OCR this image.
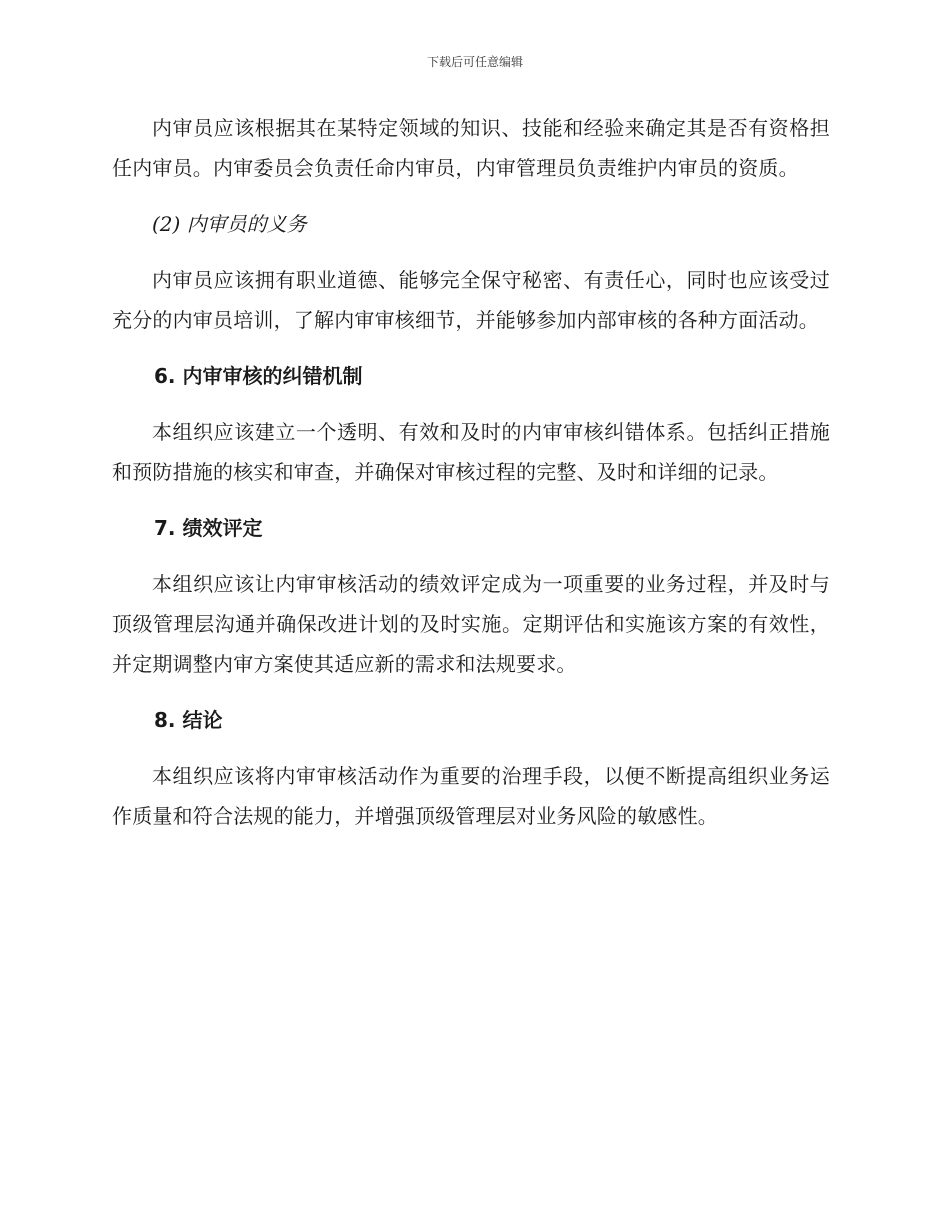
下载后可任意编辑

内审员应该根据其在某特定领域的知识、技能和经验来确定其是否有资格担任内审员。内审委员会负责任命内审员，内审管理员负责维护内审员的资质。

(2) 内审员的义务

内审员应该拥有职业道德、能够完全保守秘密、有责任心，同时也应该受过充分的内审员培训，了解内审审核细节，并能够参加内部审核的各种方面活动。

6. 内审审核的纠错机制

本组织应该建立一个透明、有效和及时的内审审核纠错体系。包括纠正措施和预防措施的核实和审查，并确保对审核过程的完整、及时和详细的记录。

7. 绩效评定

本组织应该让内审审核活动的绩效评定成为一项重要的业务过程，并及时与顶级管理层沟通并确保改进计划的及时实施。定期评估和实施该方案的有效性，并定期调整内审方案使其适应新的需求和法规要求。

8. 结论

本组织应该将内审审核活动作为重要的治理手段，以便不断提高组织业务运作质量和符合法规的能力，并增强顶级管理层对业务风险的敏感性。
